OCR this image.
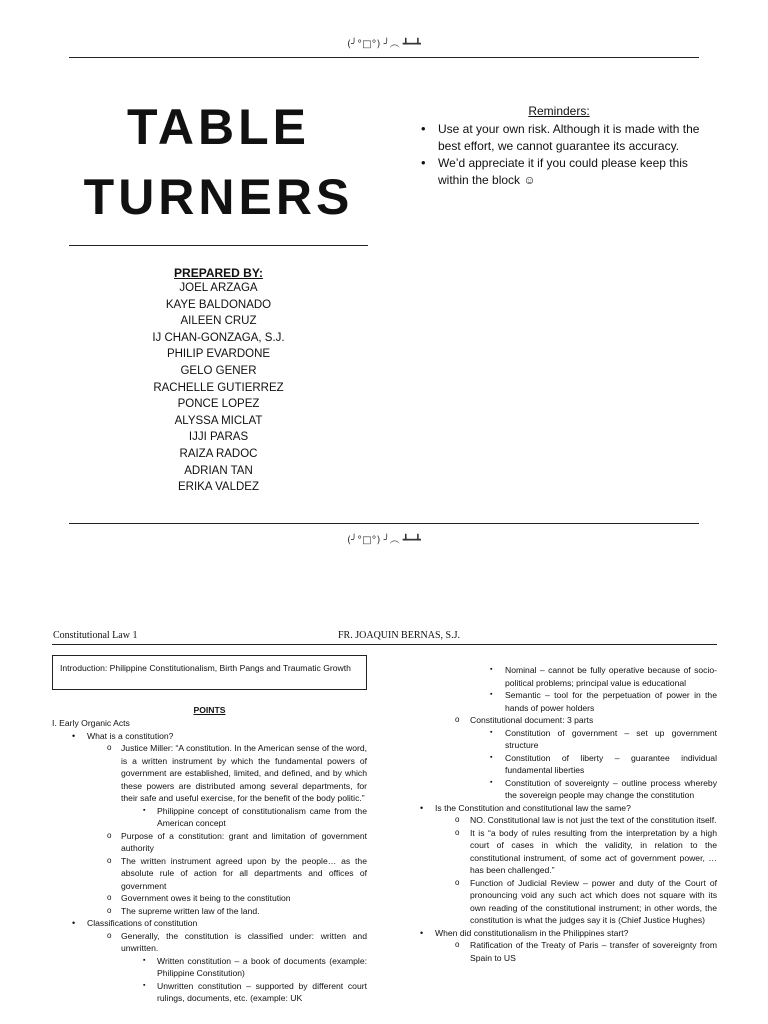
(╯°□°) ╯︵ ┻━┻
TABLE
TURNERS
Reminders:
• Use at your own risk. Although it is made with the best effort, we cannot guarantee its accuracy.
• We’d appreciate it if you could please keep this within the block ☺
PREPARED BY:
JOEL ARZAGA
KAYE BALDONADO
AILEEN CRUZ
IJ CHAN-GONZAGA, S.J.
PHILIP EVARDONE
GELO GENER
RACHELLE GUTIERREZ
PONCE LOPEZ
ALYSSA MICLAT
IJJI PARAS
RAIZA RADOC
ADRIAN TAN
ERIKA VALDEZ
(╯°□°) ╯︵ ┻━┻
Constitutional Law 1	FR. JOAQUIN BERNAS, S.J.
Introduction: Philippine Constitutionalism, Birth Pangs and Traumatic Growth
POINTS
I. Early Organic Acts
• What is a constitution?
o Justice Miller: “A constitution. In the American sense of the word, is a written instrument by which the fundamental powers of government are established, limited, and defined, and by which these powers are distributed among several departments, for their safe and useful exercise, for the benefit of the body politic.”
▪ Philippine concept of constitutionalism came from the American concept
o Purpose of a constitution: grant and limitation of government authority
o The written instrument agreed upon by the people… as the absolute rule of action for all departments and offices of government
o Government owes it being to the constitution
o The supreme written law of the land.
• Classifications of constitution
o Generally, the constitution is classified under: written and unwritten.
▪ Written constitution – a book of documents (example: Philippine Constitution)
▪ Unwritten constitution – supported by different court rulings, documents, etc. (example: UK
▪ Nominal – cannot be fully operative because of socio-political problems; principal value is educational
▪ Semantic – tool for the perpetuation of power in the hands of power holders
o Constitutional document: 3 parts
▪ Constitution of government – set up government structure
▪ Constitution of liberty – guarantee individual fundamental liberties
▪ Constitution of sovereignty – outline process whereby the sovereign people may change the constitution
• Is the Constitution and constitutional law the same?
o NO. Constitutional law is not just the text of the constitution itself.
o It is “a body of rules resulting from the interpretation by a high court of cases in which the validity, in relation to the constitutional instrument, of some act of government power, … has been challenged.”
o Function of Judicial Review – power and duty of the Court of pronouncing void any such act which does not square with its own reading of the constitutional instrument; in other words, the constitution is what the judges say it is (Chief Justice Hughes)
• When did constitutionalism in the Philippines start?
o Ratification of the Treaty of Paris – transfer of sovereignty from Spain to US
